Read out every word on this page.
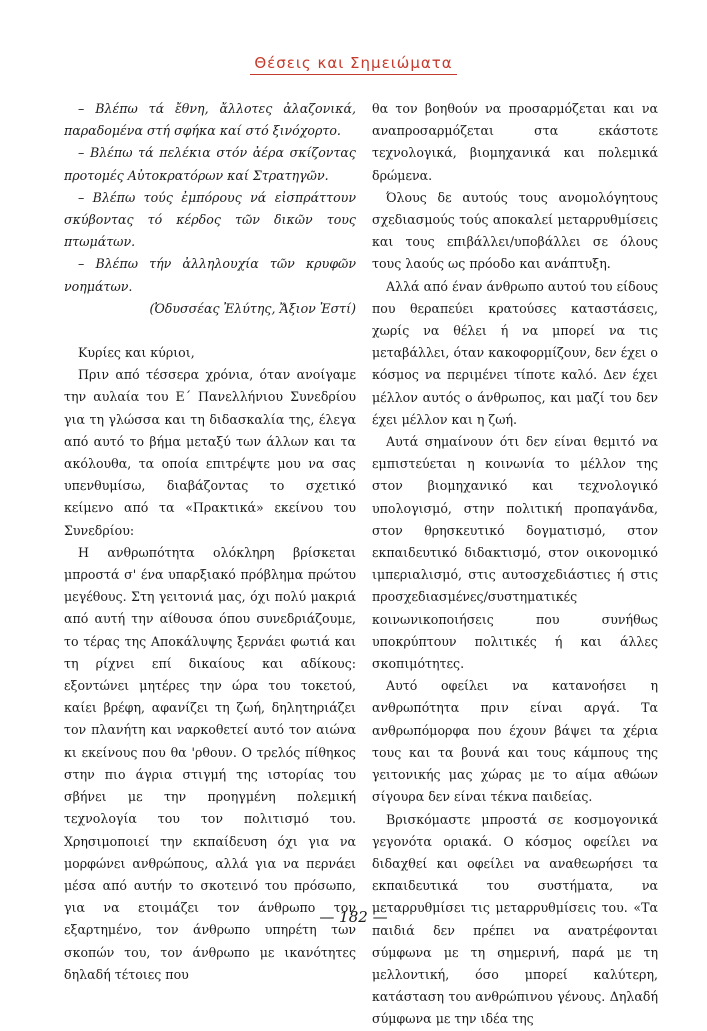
Θέσεις και Σημειώματα

– Βλέπω τά ἔθνη, ἄλλοτες ἀλαζονικά, παραδομένα στή σφήκα καί στό ξινόχορτο.

– Βλέπω τά πελέκια στόν ἀέρα σκίζοντας προτομές Αὐτοκρατόρων καί Στρατηγῶν.

– Βλέπω τούς ἐμπόρους νά εἰσπράττουν σκύβοντας τό κέρδος τῶν δικῶν τους πτωμάτων.

– Βλέπω τήν ἀλληλουχία τῶν κρυφῶν νοημάτων.

(Ὀδυσσέας Ἐλύτης, Ἄξιον Ἐστί)

Κυρίες και κύριοι,

Πριν από τέσσερα χρόνια, όταν ανοίγαμε την αυλαία του Ε΄ Πανελλήνιου Συνεδρίου για τη γλώσσα και τη διδασκαλία της, έλεγα από αυτό το βήμα μεταξύ των άλλων και τα ακόλουθα, τα οποία επιτρέψτε μου να σας υπενθυμίσω, διαβάζοντας το σχετικό κείμενο από τα «Πρακτικά» εκείνου του Συνεδρίου:

Η ανθρωπότητα ολόκληρη βρίσκεται μπροστά σ' ένα υπαρξιακό πρόβλημα πρώτου μεγέθους. Στη γειτονιά μας, όχι πολύ μακριά από αυτή την αίθουσα όπου συνεδριάζουμε, το τέρας της Αποκάλυψης ξερνάει φωτιά και τη ρίχνει επί δικαίους και αδίκους: εξοντώνει μητέρες την ώρα του τοκετού, καίει βρέφη, αφανίζει τη ζωή, δηλητηριάζει τον πλανήτη και ναρκοθετεί αυτό τον αιώνα κι εκείνους που θα 'ρθουν. Ο τρελός πίθηκος στην πιο άγρια στιγμή της ιστορίας του σβήνει με την προηγμένη πολεμική τεχνολογία του τον πολιτισμό του. Χρησιμοποιεί την εκπαίδευση όχι για να μορφώνει ανθρώπους, αλλά για να περνάει μέσα από αυτήν το σκοτεινό του πρόσωπο, για να ετοιμάζει τον άνθρωπο τον εξαρτημένο, τον άνθρωπο υπηρέτη των σκοπών του, τον άνθρωπο με ικανότητες δηλαδή τέτοιες που

θα τον βοηθούν να προσαρμόζεται και να αναπροσαρμόζεται στα εκάστοτε τεχνολογικά, βιομηχανικά και πολεμικά δρώμενα.

Όλους δε αυτούς τους ανομολόγητους σχεδιασμούς τούς αποκαλεί μεταρρυθμίσεις και τους επιβάλλει/υποβάλλει σε όλους τους λαούς ως πρόοδο και ανάπτυξη.

Αλλά από έναν άνθρωπο αυτού του είδους που θεραπεύει κρατούσες καταστάσεις, χωρίς να θέλει ή να μπορεί να τις μεταβάλλει, όταν κακοφορμίζουν, δεν έχει ο κόσμος να περιμένει τίποτε καλό. Δεν έχει μέλλον αυτός ο άνθρωπος, και μαζί του δεν έχει μέλλον και η ζωή.

Αυτά σημαίνουν ότι δεν είναι θεμιτό να εμπιστεύεται η κοινωνία το μέλλον της στον βιομηχανικό και τεχνολογικό υπολογισμό, στην πολιτική προπαγάνδα, στον θρησκευτικό δογματισμό, στον εκπαιδευτικό διδακτισμό, στον οικονομικό ιμπεριαλισμό, στις αυτοσχεδιάστιες ή στις προσχεδιασμένες/συστηματικές κοινωνικοποιήσεις που συνήθως υποκρύπτουν πολιτικές ή και άλλες σκοπιμότητες.

Αυτό οφείλει να κατανοήσει η ανθρωπότητα πριν είναι αργά. Τα ανθρωπόμορφα που έχουν βάψει τα χέρια τους και τα βουνά και τους κάμπους της γειτονικής μας χώρας με το αίμα αθώων σίγουρα δεν είναι τέκνα παιδείας.

Βρισκόμαστε μπροστά σε κοσμογονικά γεγονότα οριακά. Ο κόσμος οφείλει να διδαχθεί και οφείλει να αναθεωρήσει τα εκπαιδευτικά του συστήματα, να μεταρρυθμίσει τις μεταρρυθμίσεις του. «Τα παιδιά δεν πρέπει να ανατρέφονται σύμφωνα με τη σημερινή, παρά με τη μελλοντική, όσο μπορεί καλύτερη, κατάσταση του ανθρώπινου γένους. Δηλαδή σύμφωνα με την ιδέα της

— 182 —
